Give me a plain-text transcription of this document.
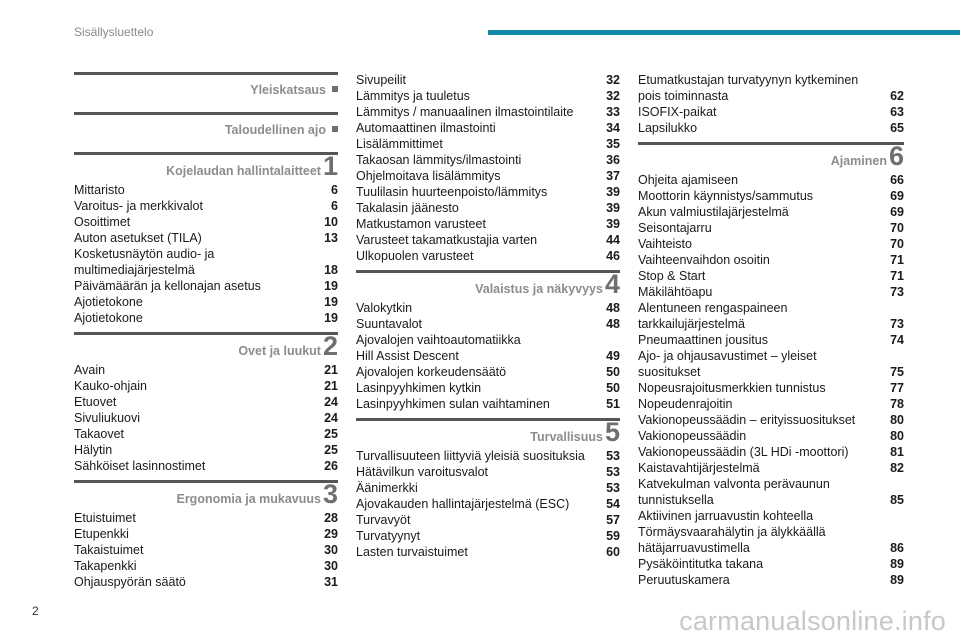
Sisällysluettelo
Yleiskatsaus
Taloudellinen ajo
Kojelaudan hallintalaitteet1
Mittaristo	6
Varoitus- ja merkkivalot	6
Osoittimet	10
Auton asetukset (TILA)	13
Kosketusnäytön audio- ja
multimediajärjestelmä	18
Päivämäärän ja kellonajan asetus	19
Ajotietokone	19
Ajotietokone	19
Ovet ja luukut2
Avain	21
Kauko-ohjain	21
Etuovet	24
Sivuliukuovi	24
Takaovet	25
Hälytin	25
Sähköiset lasinnostimet	26
Ergonomia ja mukavuus3
Etuistuimet	28
Etupenkki	29
Takaistuimet	30
Takapenkki	30
Ohjauspyörän säätö	31
Sivupeilit	32
Lämmitys ja tuuletus	32
Lämmitys / manuaalinen ilmastointilaite	33
Automaattinen ilmastointi	34
Lisälämmittimet	35
Takaosan lämmitys/ilmastointi	36
Ohjelmoitava lisälämmitys	37
Tuulilasin huurteenpoisto/lämmitys	39
Takalasin jäänesto	39
Matkustamon varusteet	39
Varusteet takamatkustajia varten	44
Ulkopuolen varusteet	46
Valaistus ja näkyvyys4
Valokytkin	48
Suuntavalot	48
Ajovalojen vaihtoautomatiikka
Hill Assist Descent	49
Ajovalojen korkeudensäätö	50
Lasinpyyhkimen kytkin	50
Lasinpyyhkimen sulan vaihtaminen	51
Turvallisuus5
Turvallisuuteen liittyviä yleisiä suosituksia 53
Hätävilkun varoitusvalot	53
Äänimerkki	53
Ajovakauden hallintajärjestelmä (ESC)	54
Turvavyöt	57
Turvatyynyt	59
Lasten turvaistuimet	60
Etumatkustajan turvatyynyn kytkeminen
pois toiminnasta	62
ISOFIX-paikat	63
Lapsilukko	65
Ajaminen6
Ohjeita ajamiseen	66
Moottorin käynnistys/sammutus	69
Akun valmiustilajärjestelmä	69
Seisontajarru	70
Vaihteisto	70
Vaihteenvaihdon osoitin	71
Stop & Start	71
Mäkilähtöapu	73
Alentuneen rengaspaineen
tarkkailujärjestelmä	73
Pneumaattinen jousitus	74
Ajo- ja ohjausavustimet – yleiset suositukset	75
Nopeusrajoitusmerkkien tunnistus	77
Nopeudenrajoitin	78
Vakionopeussäädin – erityissuositukset	80
Vakionopeussäädin	80
Vakionopeussäädin (3L HDi -moottori)	81
Kaistavahtijärjestelmä	82
Katvekulman valvonta perävaunun
tunnistuksella	85
Aktiivinen jarruavustin kohteella
Törmäysvaarahälytin ja älykkäällä
hätäjarruavustimella	86
Pysäköintitutka takana	89
Peruutuskamera	89
2	carmanualsonline.info
